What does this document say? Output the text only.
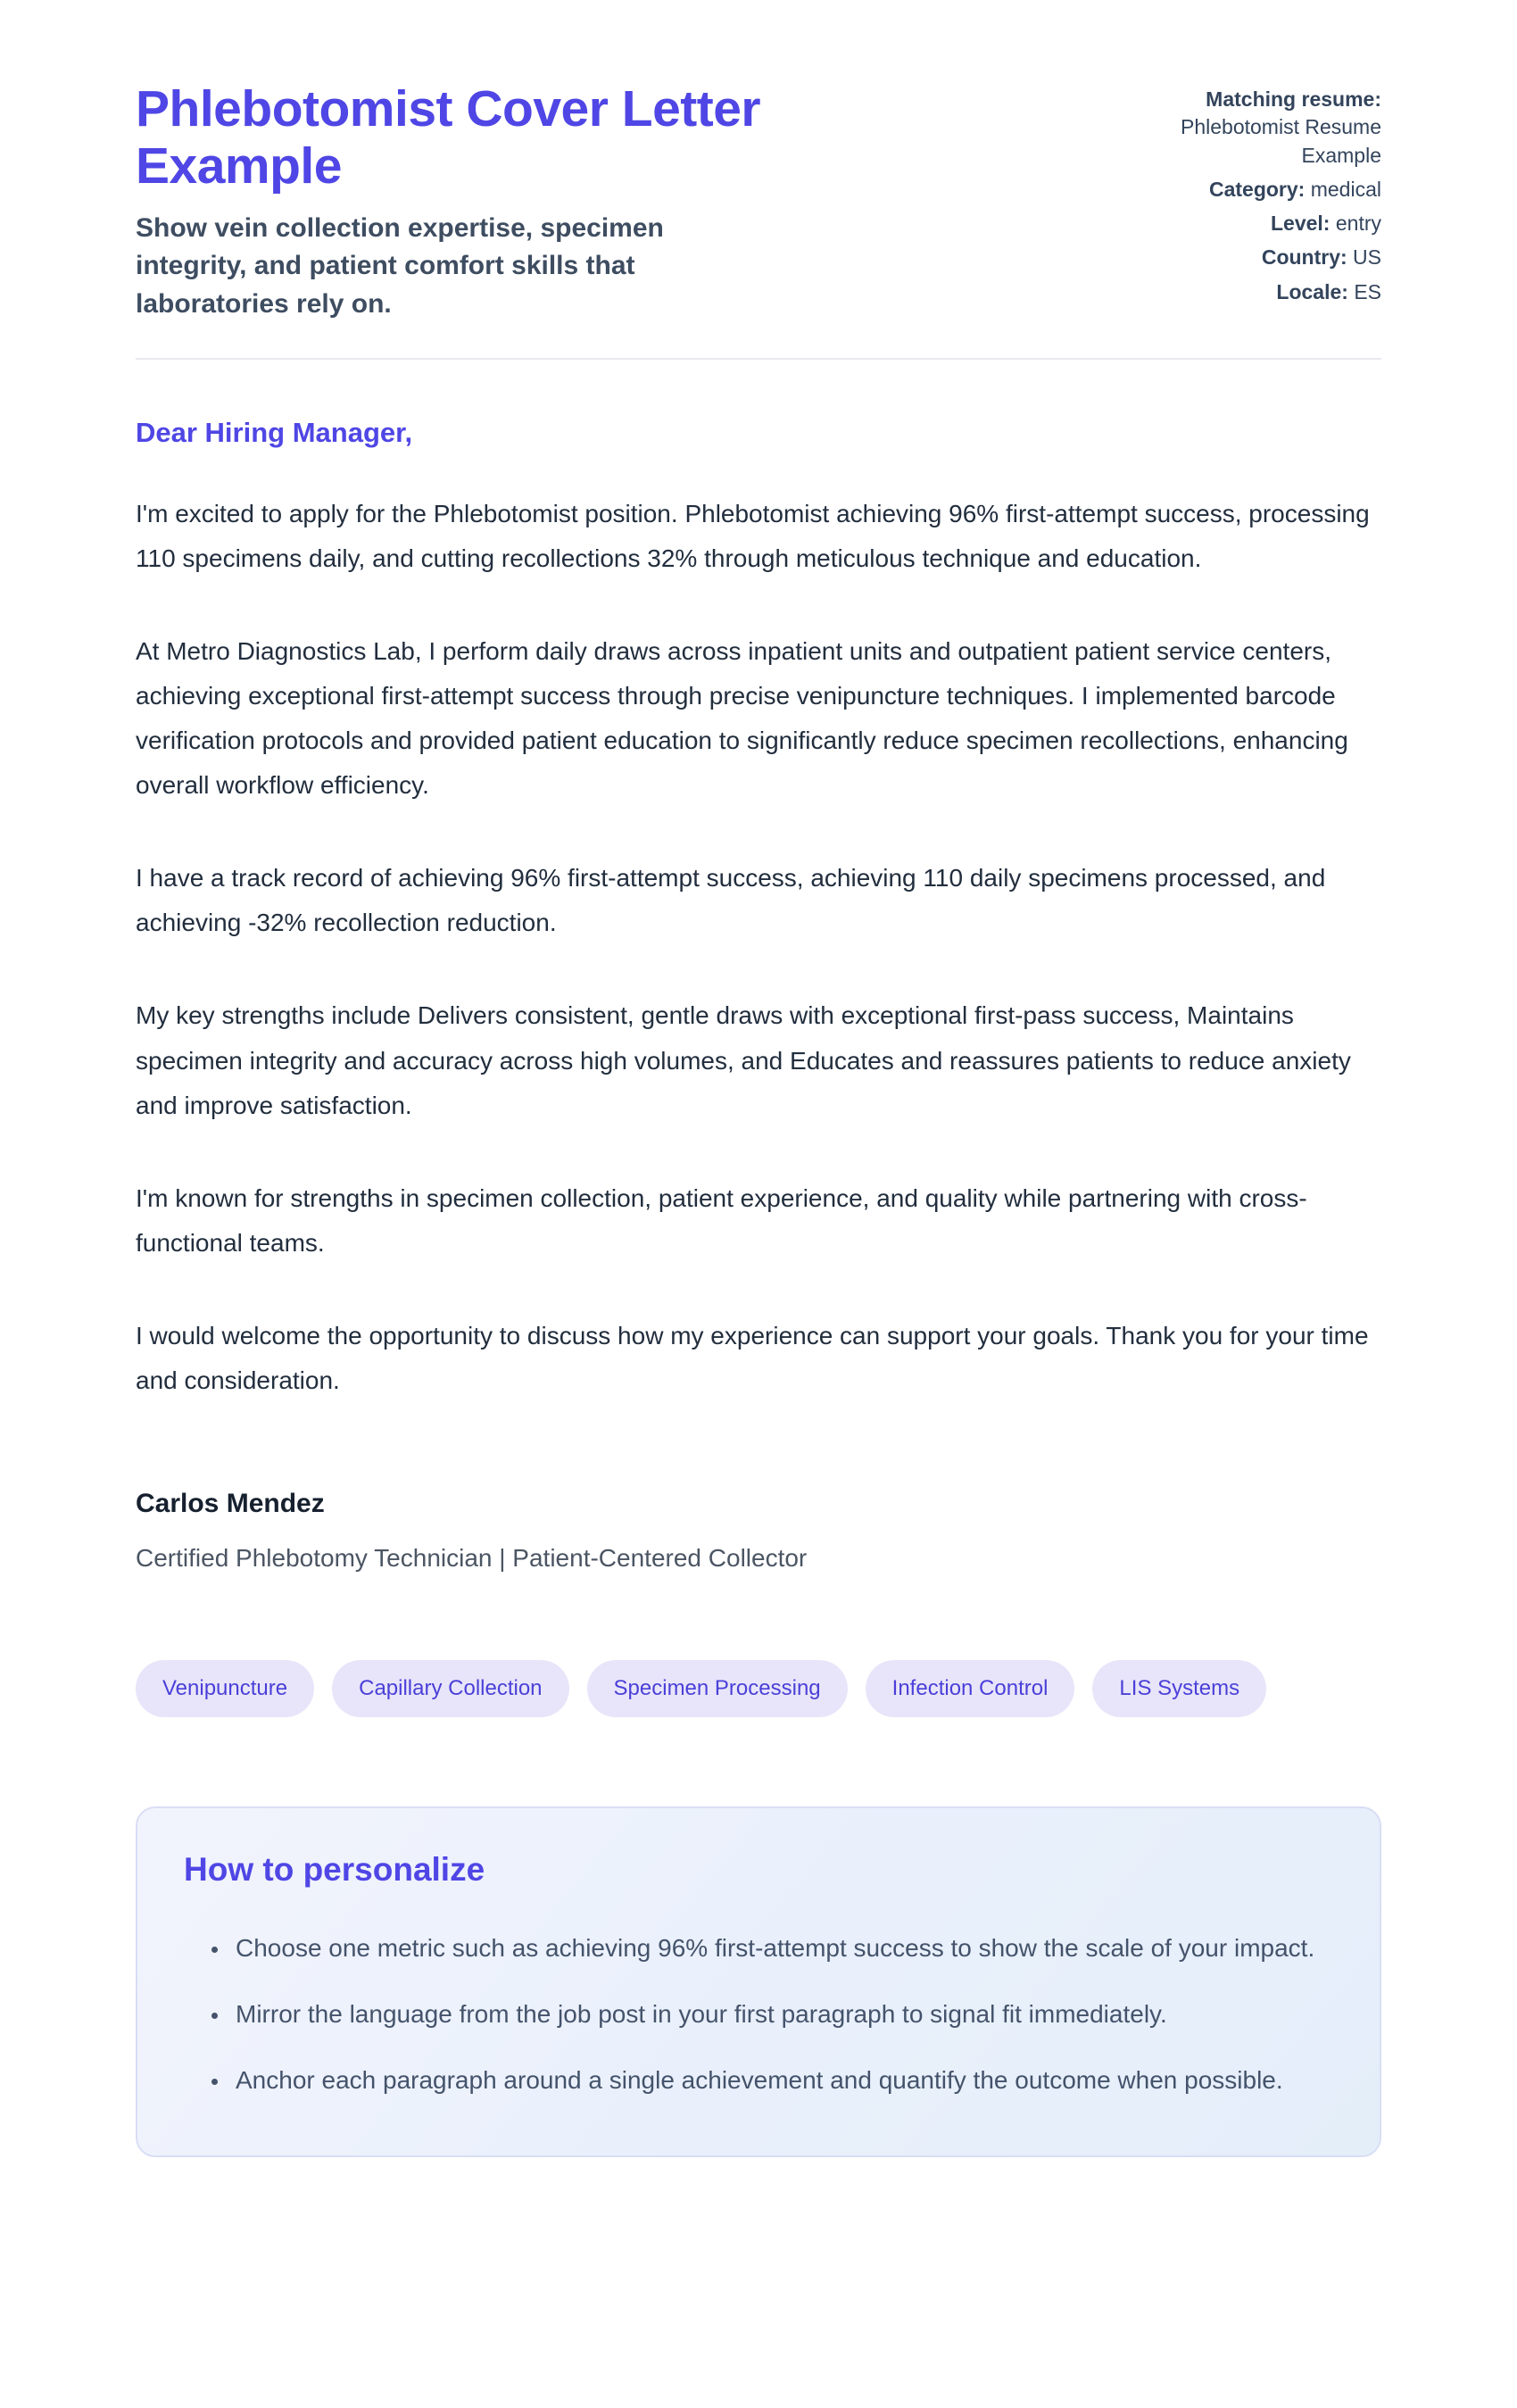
Phlebotomist Cover Letter Example

Show vein collection expertise, specimen integrity, and patient comfort skills that laboratories rely on.

Matching resume: Phlebotomist Resume Example
Category: medical
Level: entry
Country: US
Locale: ES

Dear Hiring Manager,

I'm excited to apply for the Phlebotomist position. Phlebotomist achieving 96% first-attempt success, processing 110 specimens daily, and cutting recollections 32% through meticulous technique and education.

At Metro Diagnostics Lab, I perform daily draws across inpatient units and outpatient patient service centers, achieving exceptional first-attempt success through precise venipuncture techniques. I implemented barcode verification protocols and provided patient education to significantly reduce specimen recollections, enhancing overall workflow efficiency.

I have a track record of achieving 96% first-attempt success, achieving 110 daily specimens processed, and achieving -32% recollection reduction.

My key strengths include Delivers consistent, gentle draws with exceptional first-pass success, Maintains specimen integrity and accuracy across high volumes, and Educates and reassures patients to reduce anxiety and improve satisfaction.

I'm known for strengths in specimen collection, patient experience, and quality while partnering with cross-functional teams.

I would welcome the opportunity to discuss how my experience can support your goals. Thank you for your time and consideration.

Carlos Mendez

Certified Phlebotomy Technician | Patient-Centered Collector

Venipuncture	Capillary Collection	Specimen Processing	Infection Control	LIS Systems
How to personalize
• Choose one metric such as achieving 96% first-attempt success to show the scale of your impact.
• Mirror the language from the job post in your first paragraph to signal fit immediately.
• Anchor each paragraph around a single achievement and quantify the outcome when possible.
